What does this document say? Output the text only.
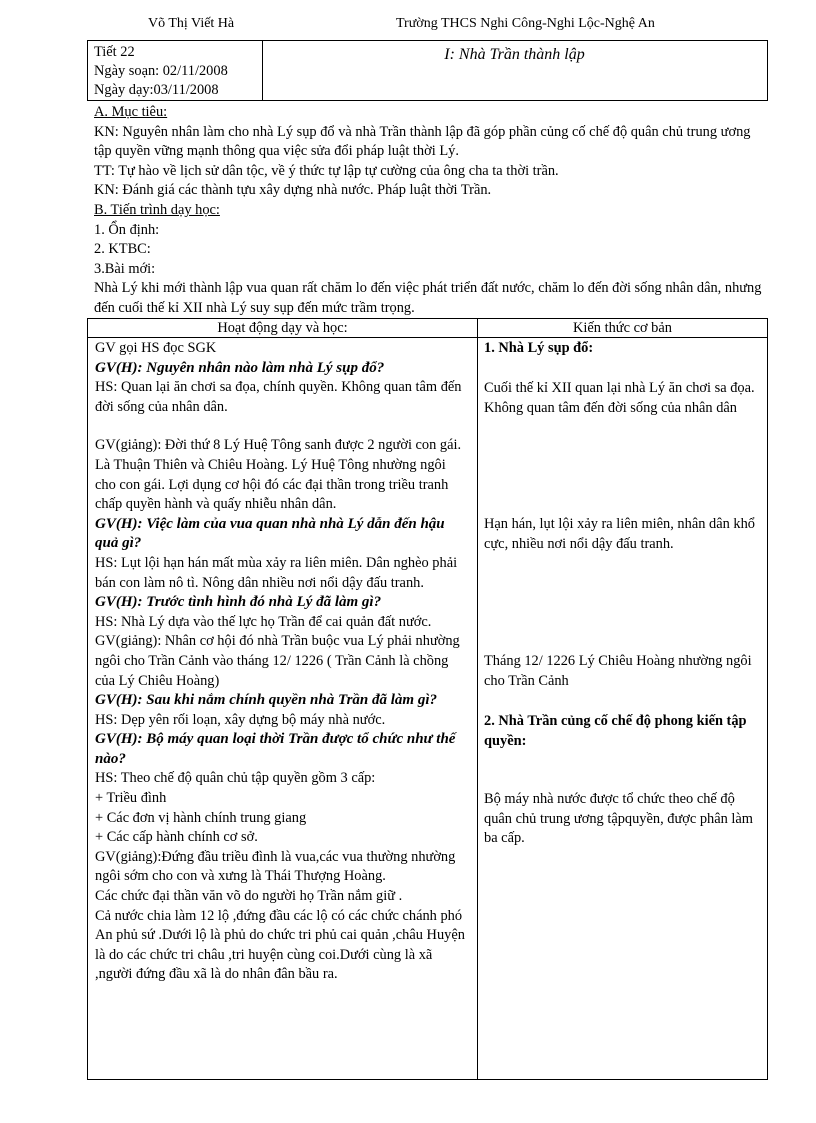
Võ Thị Viết Hà	Trường THCS Nghi Công-Nghi Lộc-Nghệ An
Tiết 22
Ngày soạn: 02/11/2008
Ngày dạy:03/11/2008
I: Nhà Trần thành lập

A. Mục tiêu:

KN: Nguyên nhân làm cho nhà Lý sụp đổ và nhà Trần thành lập đã góp phần củng cố chế độ quân chủ trung ương tập quyền vững mạnh thông qua việc sửa đổi pháp luật thời Lý.

TT: Tự hào về lịch sử dân tộc, về ý thức tự lập tự cường của ông cha ta thời trần.

KN: Đánh giá các thành tựu xây dựng nhà nước. Pháp luật thời Trần.

B. Tiến trình dạy học:

1. Ổn định:

2. KTBC:

3.Bài mới:

Nhà Lý khi mới thành lập vua quan rất chăm lo đến việc phát triển đất nước, chăm lo đến đời sống nhân dân, nhưng đến cuối thế kỉ XII nhà Lý suy sụp đến mức trầm trọng.

Hoạt động dạy và học:	Kiến thức cơ bản

GV gọi HS đọc SGK

GV(H): Nguyên nhân nào làm nhà Lý sụp đổ?

HS: Quan lại ăn chơi sa đọa, chính quyền. Không quan tâm đến đời sống của nhân dân.

GV(giảng): Đời thứ 8 Lý Huệ Tông sanh được 2 người con gái. Là Thuận Thiên và Chiêu Hoàng. Lý Huệ Tông nhường ngôi cho con gái. Lợi dụng cơ hội đó các đại thần trong triều tranh chấp quyền hành và quấy nhiễu nhân dân.

GV(H): Việc làm của vua quan nhà nhà Lý dẫn đến hậu quả gì?

HS: Lụt lội hạn hán mất mùa xảy ra liên miên. Dân nghèo phải bán con làm nô tì. Nông dân nhiều nơi nổi dậy đấu tranh.

GV(H): Trước tình hình đó nhà Lý đã làm gì?

HS: Nhà Lý dựa vào thế lực họ Trần để cai quản đất nước.

GV(giảng): Nhân cơ hội đó nhà Trần buộc vua Lý phải nhường ngôi cho Trần Cảnh vào tháng 12/ 1226 ( Trần Cảnh là chồng của Lý Chiêu Hoàng)

GV(H): Sau khi nắm chính quyền nhà Trần đã làm gì?

HS: Dẹp yên rối loạn, xây dựng bộ máy nhà nước.

GV(H): Bộ máy quan loại thời Trần được tổ chức như thế nào?

HS: Theo chế độ quân chủ tập quyền gồm 3 cấp:

+ Triều đình

+ Các đơn vị hành chính trung giang

+ Các cấp hành chính cơ sở.

GV(giảng):Đứng đầu triều đình là vua,các vua thường nhường ngôi sớm cho con và xưng là Thái Thượng Hoàng.

Các chức đại thần văn võ do người họ Trần nắm giữ .

Cả nước chia làm 12 lộ ,đứng đầu các lộ có các chức chánh phó An phủ sứ .Dưới lộ là phủ do chức tri phủ cai quản ,châu Huyện là do các chức tri châu ,tri huyện cùng coi.Dưới cùng là xã ,người đứng đầu xã là do nhân đân bầu ra.

1. Nhà Lý sụp đổ:

Cuối thế kỉ XII quan lại nhà Lý ăn chơi sa đọa. Không quan tâm đến đời sống của nhân dân

Hạn hán, lụt lội xảy ra liên miên, nhân dân khổ cực, nhiều nơi nổi dậy đấu tranh.

Tháng 12/ 1226 Lý Chiêu Hoàng nhường ngôi cho Trần Cảnh

2. Nhà Trần củng cố chế độ phong kiến tập quyền:

Bộ máy nhà nước được tổ chức theo chế độ quân chủ trung ương tậpquyền, được phân làm ba cấp.
